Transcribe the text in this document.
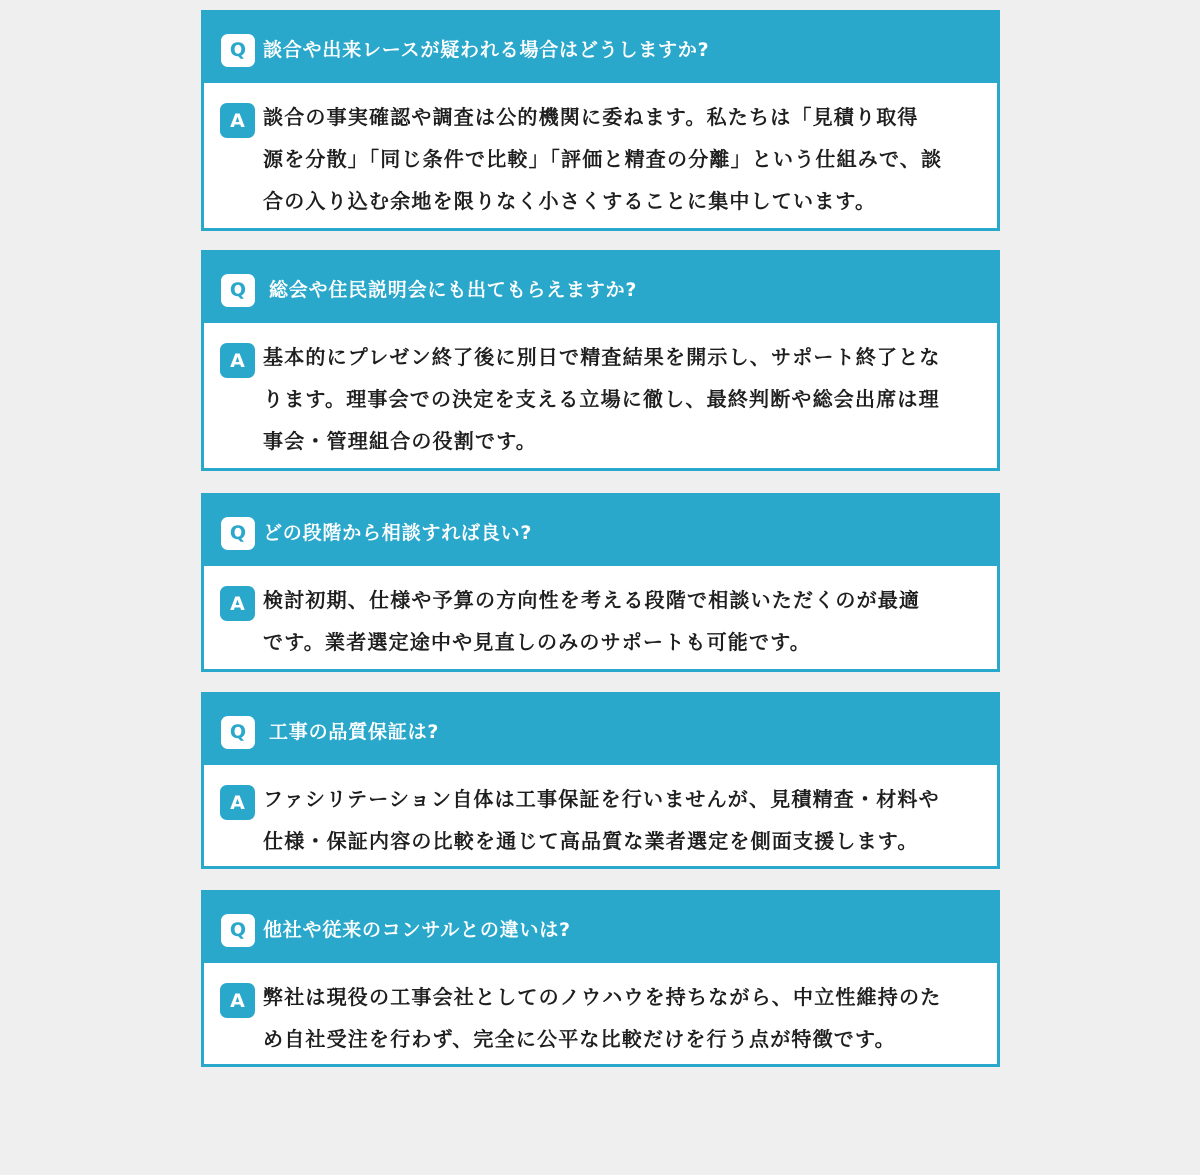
Q 談合や出来レースが疑われる場合はどうしますか?
A 談合の事実確認や調査は公的機関に委ねます。私たちは「見積り取得
源を分散」「同じ条件で比較」「評価と精査の分離」という仕組みで、談
合の入り込む余地を限りなく小さくすることに集中しています。
Q	総会や住民説明会にも出てもらえますか?
A 基本的にプレゼン終了後に別日で精査結果を開示し、サポート終了とな
ります。理事会での決定を支える立場に徹し、最終判断や総会出席は理
事会・管理組合の役割です。
Q どの段階から相談すれば良い?
A 検討初期、仕様や予算の方向性を考える段階で相談いただくのが最適
です。業者選定途中や見直しのみのサポートも可能です。
Q	工事の品質保証は?
A ファシリテーション自体は工事保証を行いませんが、見積精査・材料や
仕様・保証内容の比較を通じて高品質な業者選定を側面支援します。
Q 他社や従来のコンサルとの違いは?
A 弊社は現役の工事会社としてのノウハウを持ちながら、中立性維持のた
め自社受注を行わず、完全に公平な比較だけを行う点が特徴です。
